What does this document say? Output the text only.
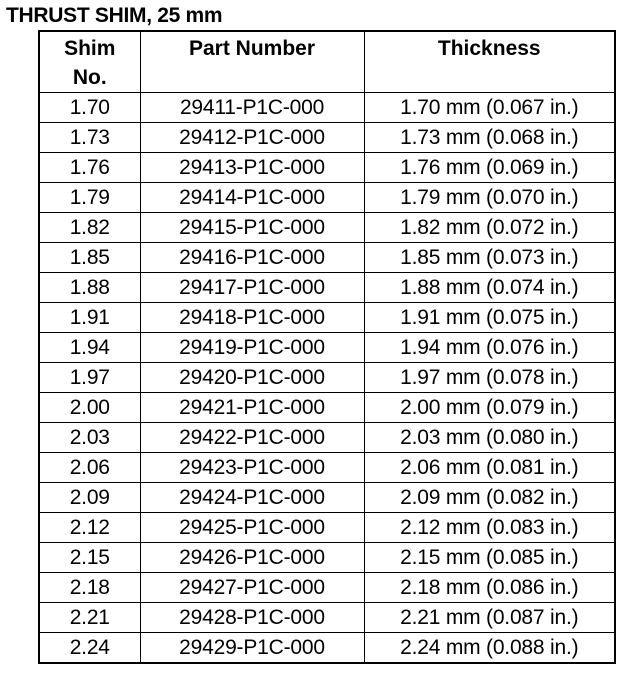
THRUST SHIM, 25 mm
Shim
No.	Part Number	Thickness
1.70	29411-P1C-000	1.70 mm (0.067 in.)
1.73	29412-P1C-000	1.73 mm (0.068 in.)
1.76	29413-P1C-000	1.76 mm (0.069 in.)
1.79	29414-P1C-000	1.79 mm (0.070 in.)
1.82	29415-P1C-000	1.82 mm (0.072 in.)
1.85	29416-P1C-000	1.85 mm (0.073 in.)
1.88	29417-P1C-000	1.88 mm (0.074 in.)
1.91	29418-P1C-000	1.91 mm (0.075 in.)
1.94	29419-P1C-000	1.94 mm (0.076 in.)
1.97	29420-P1C-000	1.97 mm (0.078 in.)
2.00	29421-P1C-000	2.00 mm (0.079 in.)
2.03	29422-P1C-000	2.03 mm (0.080 in.)
2.06	29423-P1C-000	2.06 mm (0.081 in.)
2.09	29424-P1C-000	2.09 mm (0.082 in.)
2.12	29425-P1C-000	2.12 mm (0.083 in.)
2.15	29426-P1C-000	2.15 mm (0.085 in.)
2.18	29427-P1C-000	2.18 mm (0.086 in.)
2.21	29428-P1C-000	2.21 mm (0.087 in.)
2.24	29429-P1C-000	2.24 mm (0.088 in.)
